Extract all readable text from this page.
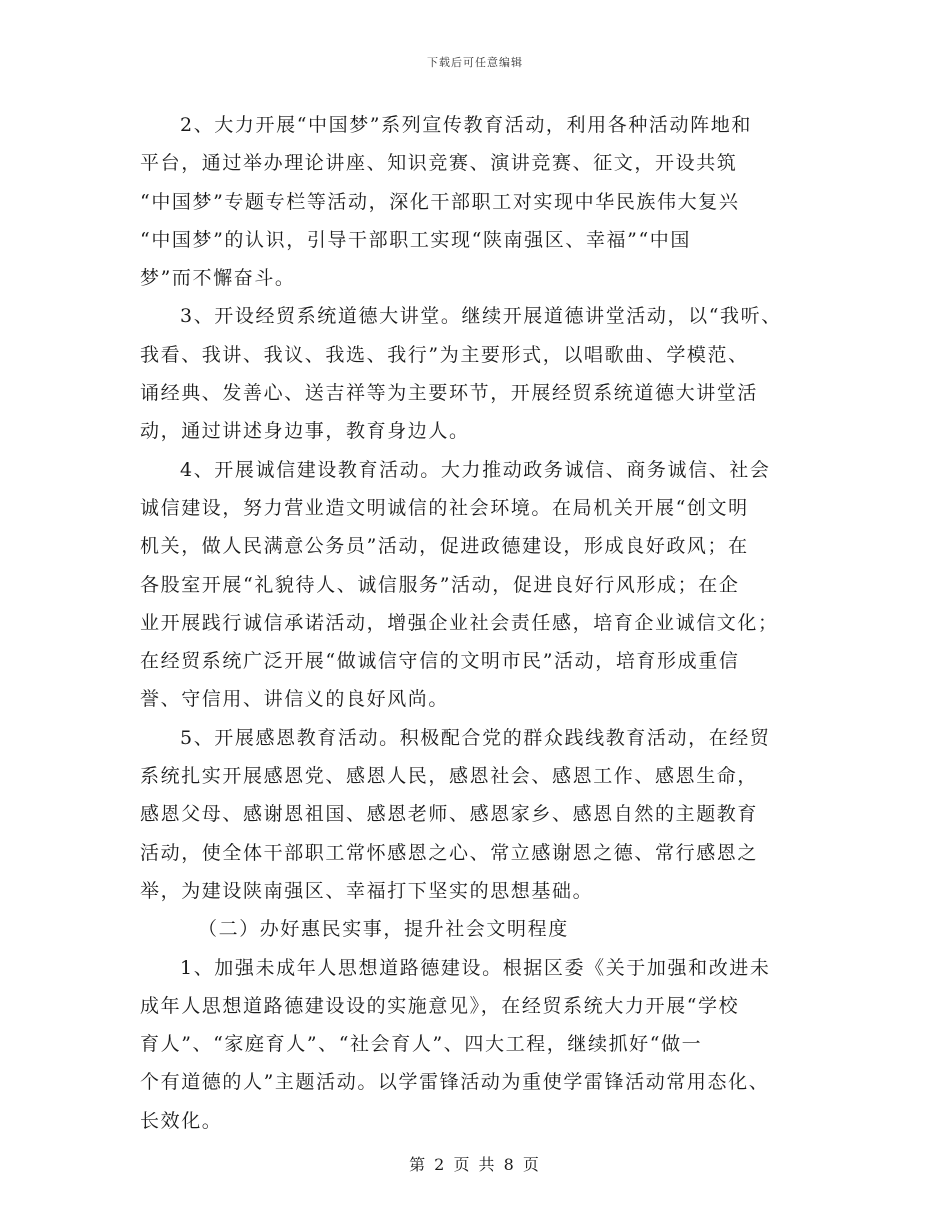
下载后可任意编辑

2、大力开展“中国梦”系列宣传教育活动，利用各种活动阵地和
平台，通过举办理论讲座、知识竞赛、演讲竞赛、征文，开设共筑
“中国梦”专题专栏等活动，深化干部职工对实现中华民族伟大复兴
“中国梦”的认识，引导干部职工实现“陕南强区、幸福”“中国
梦”而不懈奋斗。

3、开设经贸系统道德大讲堂。继续开展道德讲堂活动，以“我听、
我看、我讲、我议、我选、我行”为主要形式，以唱歌曲、学模范、
诵经典、发善心、送吉祥等为主要环节，开展经贸系统道德大讲堂活
动，通过讲述身边事，教育身边人。

4、开展诚信建设教育活动。大力推动政务诚信、商务诚信、社会
诚信建设，努力营业造文明诚信的社会环境。在局机关开展“创文明
机关，做人民满意公务员”活动，促进政德建设，形成良好政风；在
各股室开展“礼貌待人、诚信服务”活动，促进良好行风形成；在企
业开展践行诚信承诺活动，增强企业社会责任感，培育企业诚信文化；
在经贸系统广泛开展“做诚信守信的文明市民”活动，培育形成重信
誉、守信用、讲信义的良好风尚。

5、开展感恩教育活动。积极配合党的群众践线教育活动，在经贸
系统扎实开展感恩党、感恩人民，感恩社会、感恩工作、感恩生命，
感恩父母、感谢恩祖国、感恩老师、感恩家乡、感恩自然的主题教育
活动，使全体干部职工常怀感恩之心、常立感谢恩之德、常行感恩之
举，为建设陕南强区、幸福打下坚实的思想基础。

（二）办好惠民实事，提升社会文明程度

1、加强未成年人思想道路德建设。根据区委《关于加强和改进未
成年人思想道路德建设设的实施意见》，在经贸系统大力开展“学校
育人”、“家庭育人”、“社会育人”、四大工程，继续抓好“做一
个有道德的人”主题活动。以学雷锋活动为重使学雷锋活动常用态化、
长效化。

第 2 页 共 8 页
